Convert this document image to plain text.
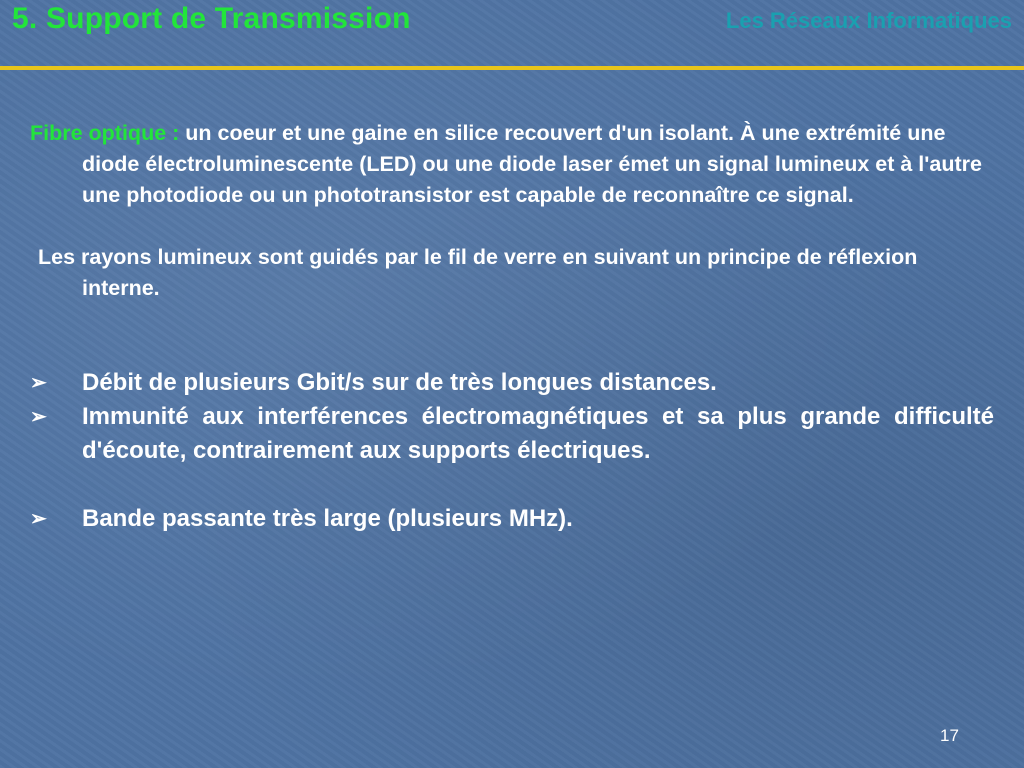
5. Support de Transmission	Les Réseaux Informatiques

Fibre optique : un coeur et une gaine en silice recouvert d'un isolant. À une extrémité une diode électroluminescente (LED) ou une diode laser émet un signal lumineux et à l'autre une photodiode ou un phototransistor est capable de reconnaître ce signal.

Les rayons lumineux sont guidés par le fil de verre en suivant un principe de réflexion interne.

➢	Débit de plusieurs Gbit/s sur de très longues distances.
➢	Immunité aux interférences électromagnétiques et sa plus grande difficulté d'écoute, contrairement aux supports électriques.
➢	Bande passante très large (plusieurs MHz).
17
